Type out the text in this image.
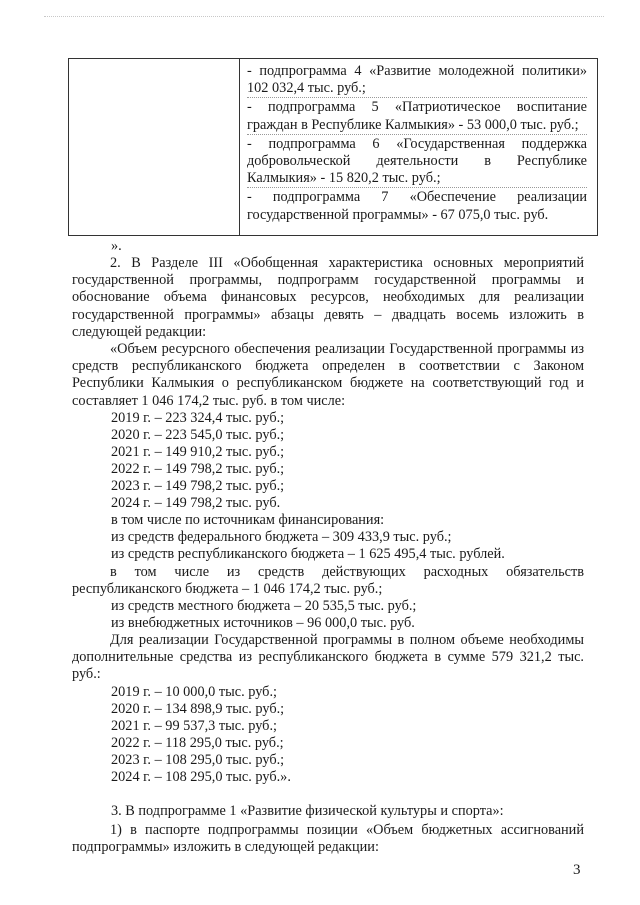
- подпрограмма 4 «Развитие молодежной политики» 102 032,4 тыс. руб.;

- подпрограмма 5 «Патриотическое воспитание граждан в Республике Калмыкия» - 53 000,0 тыс. руб.;

- подпрограмма 6 «Государственная поддержка добровольческой деятельности в Республике Калмыкия» - 15 820,2 тыс. руб.;

- подпрограмма 7 «Обеспечение реализации государственной программы» - 67 075,0 тыс. руб.

».

2. В Разделе III «Обобщенная характеристика основных мероприятий государственной программы, подпрограмм государственной программы и обоснование объема финансовых ресурсов, необходимых для реализации государственной программы» абзацы девять – двадцать восемь изложить в следующей редакции:

«Объем ресурсного обеспечения реализации Государственной программы из средств республиканского бюджета определен в соответствии с Законом Республики Калмыкия о республиканском бюджете на соответствующий год и составляет 1 046 174,2 тыс. руб. в том числе:

2019 г. – 223 324,4 тыс. руб.;

2020 г. – 223 545,0 тыс. руб.;

2021 г. – 149 910,2 тыс. руб.;

2022 г. – 149 798,2 тыс. руб.;

2023 г. – 149 798,2 тыс. руб.;

2024 г. – 149 798,2 тыс. руб.

в том числе по источникам финансирования:

из средств федерального бюджета – 309 433,9 тыс. руб.;

из средств республиканского бюджета – 1 625 495,4 тыс. рублей.

в том числе из средств действующих расходных обязательств республиканского бюджета – 1 046 174,2 тыс. руб.;

из средств местного бюджета – 20 535,5 тыс. руб.;

из внебюджетных источников – 96 000,0 тыс. руб.

Для реализации Государственной программы в полном объеме необходимы дополнительные средства из республиканского бюджета в сумме 579 321,2 тыс. руб.:

2019 г. – 10 000,0 тыс. руб.;

2020 г. – 134 898,9 тыс. руб.;

2021 г. – 99 537,3 тыс. руб.;

2022 г. – 118 295,0 тыс. руб.;

2023 г. – 108 295,0 тыс. руб.;

2024 г. – 108 295,0 тыс. руб.».

3. В подпрограмме 1 «Развитие физической культуры и спорта»:

1) в паспорте подпрограммы позиции «Объем бюджетных ассигнований подпрограммы» изложить в следующей редакции:

3
